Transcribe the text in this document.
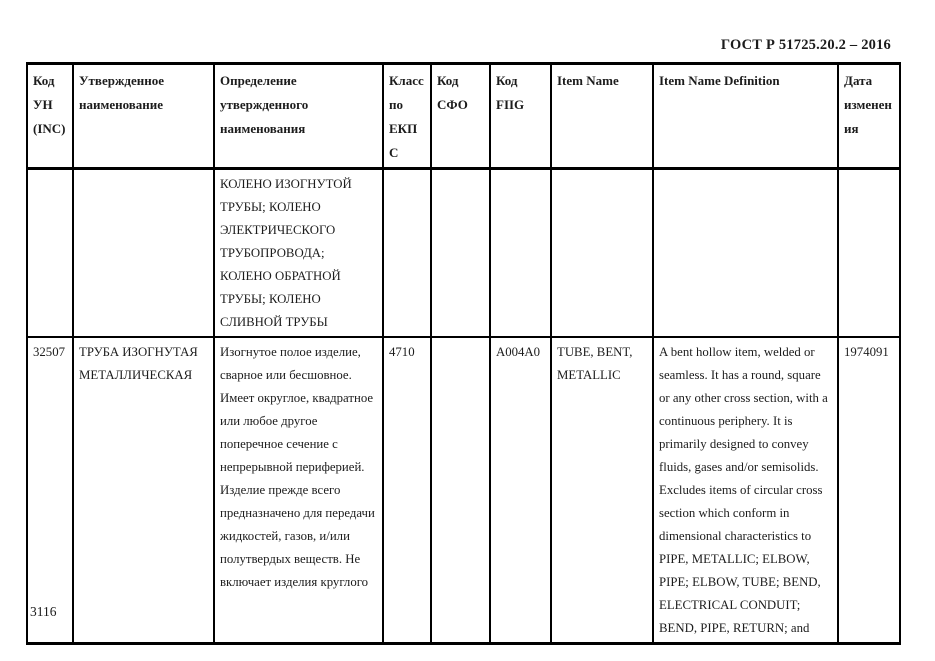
ГОСТ Р 51725.20.2 – 2016
Код УН (INC)	Утвержденное наименование	Определение утвержденного наименования	Класс по ЕКПС	Код СФО	Код FIIG	Item Name	Item Name Definition	Дата изменения
		КОЛЕНО ИЗОГНУТОЙ ТРУБЫ; КОЛЕНО ЭЛЕКТРИЧЕСКОГО ТРУБОПРОВОДА; КОЛЕНО ОБРАТНОЙ ТРУБЫ; КОЛЕНО СЛИВНОЙ ТРУБЫ						
32507	ТРУБА ИЗОГНУТАЯ МЕТАЛЛИЧЕСКАЯ	Изогнутое полое изделие, сварное или бесшовное. Имеет округлое, квадратное или любое другое поперечное сечение с непрерывной периферией. Изделие прежде всего предназначено для передачи жидкостей, газов, и/или полутвердых веществ. Не включает изделия круглого	4710		A004A0	TUBE, BENT, METALLIC	A bent hollow item, welded or seamless. It has a round, square or any other cross section, with a continuous periphery. It is primarily designed to convey fluids, gases and/or semisolids. Excludes items of circular cross section which conform in dimensional characteristics to PIPE, METALLIC; ELBOW, PIPE; ELBOW, TUBE; BEND, ELECTRICAL CONDUIT; BEND, PIPE, RETURN; and	1974091
3116
